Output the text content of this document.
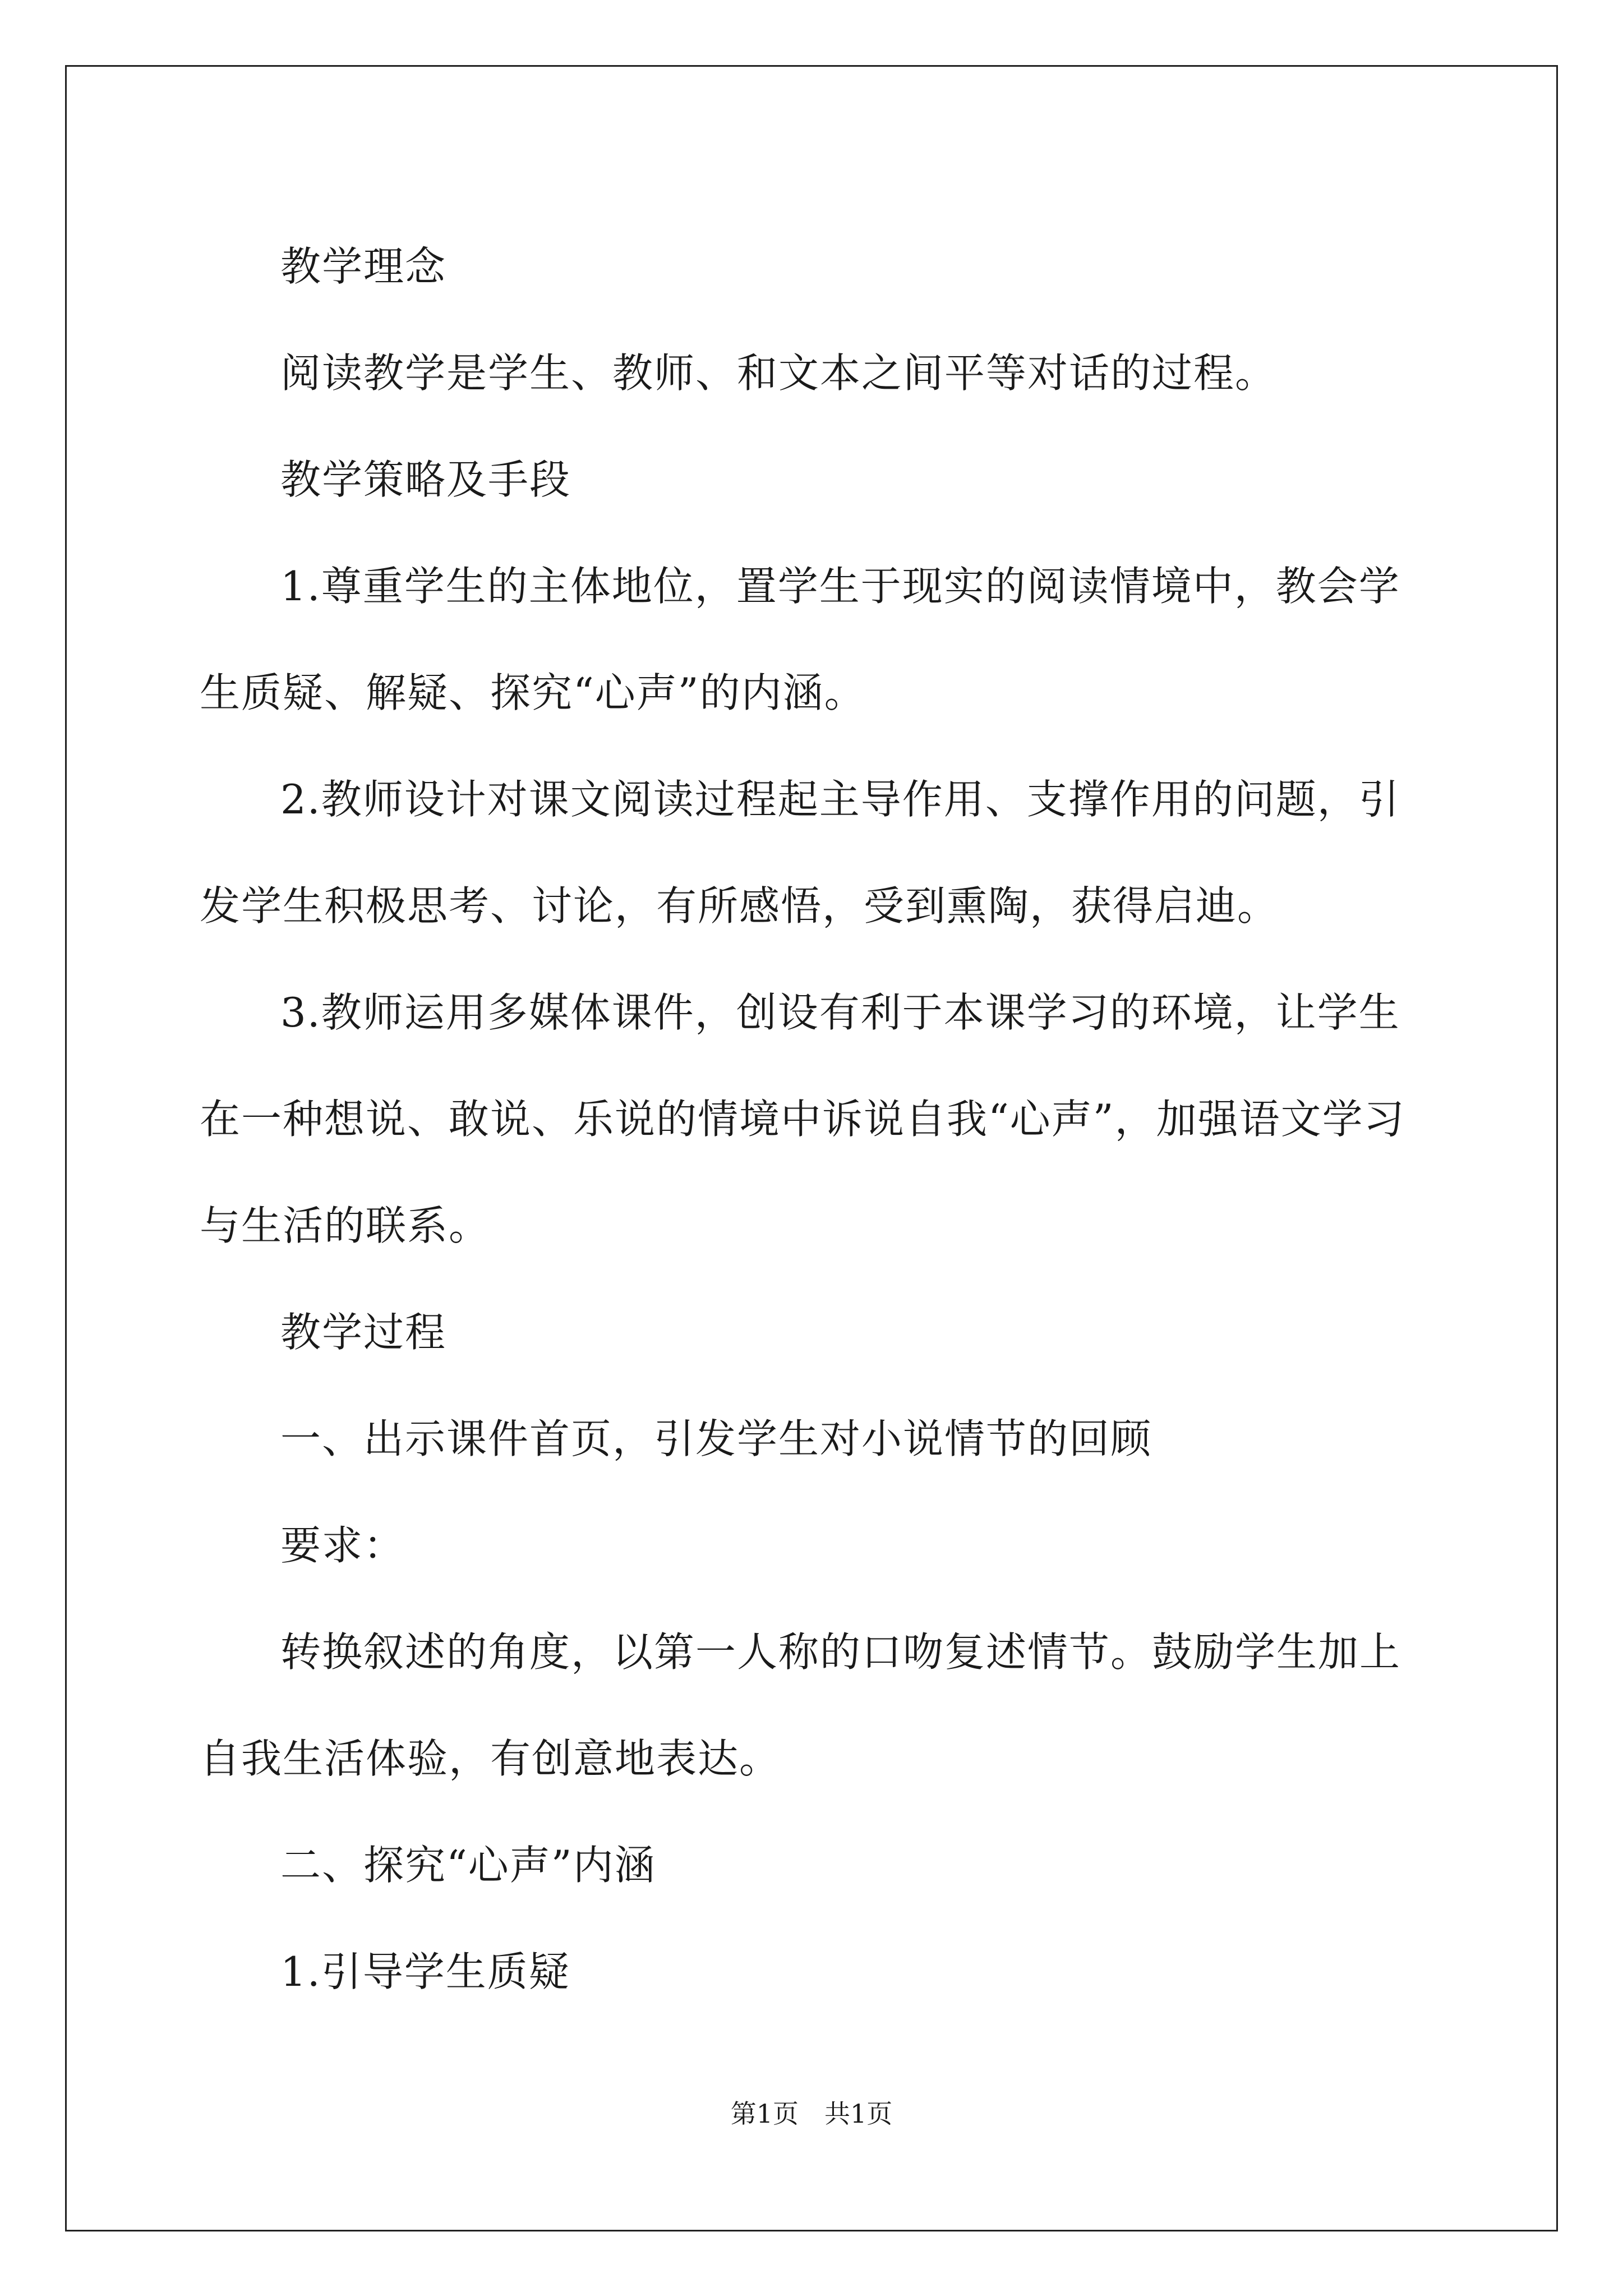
教学理念

阅读教学是学生、教师、和文本之间平等对话的过程。

教学策略及手段

1.尊重学生的主体地位，置学生于现实的阅读情境中，教会学生质疑、解疑、探究“心声”的内涵。

2.教师设计对课文阅读过程起主导作用、支撑作用的问题，引发学生积极思考、讨论，有所感悟，受到熏陶，获得启迪。

3.教师运用多媒体课件，创设有利于本课学习的环境，让学生在一种想说、敢说、乐说的情境中诉说自我“心声”，加强语文学习与生活的联系。

教学过程

一、出示课件首页，引发学生对小说情节的回顾

要求：

转换叙述的角度，以第一人称的口吻复述情节。鼓励学生加上自我生活体验，有创意地表达。

二、探究“心声”内涵

1.引导学生质疑

第1页　共1页
